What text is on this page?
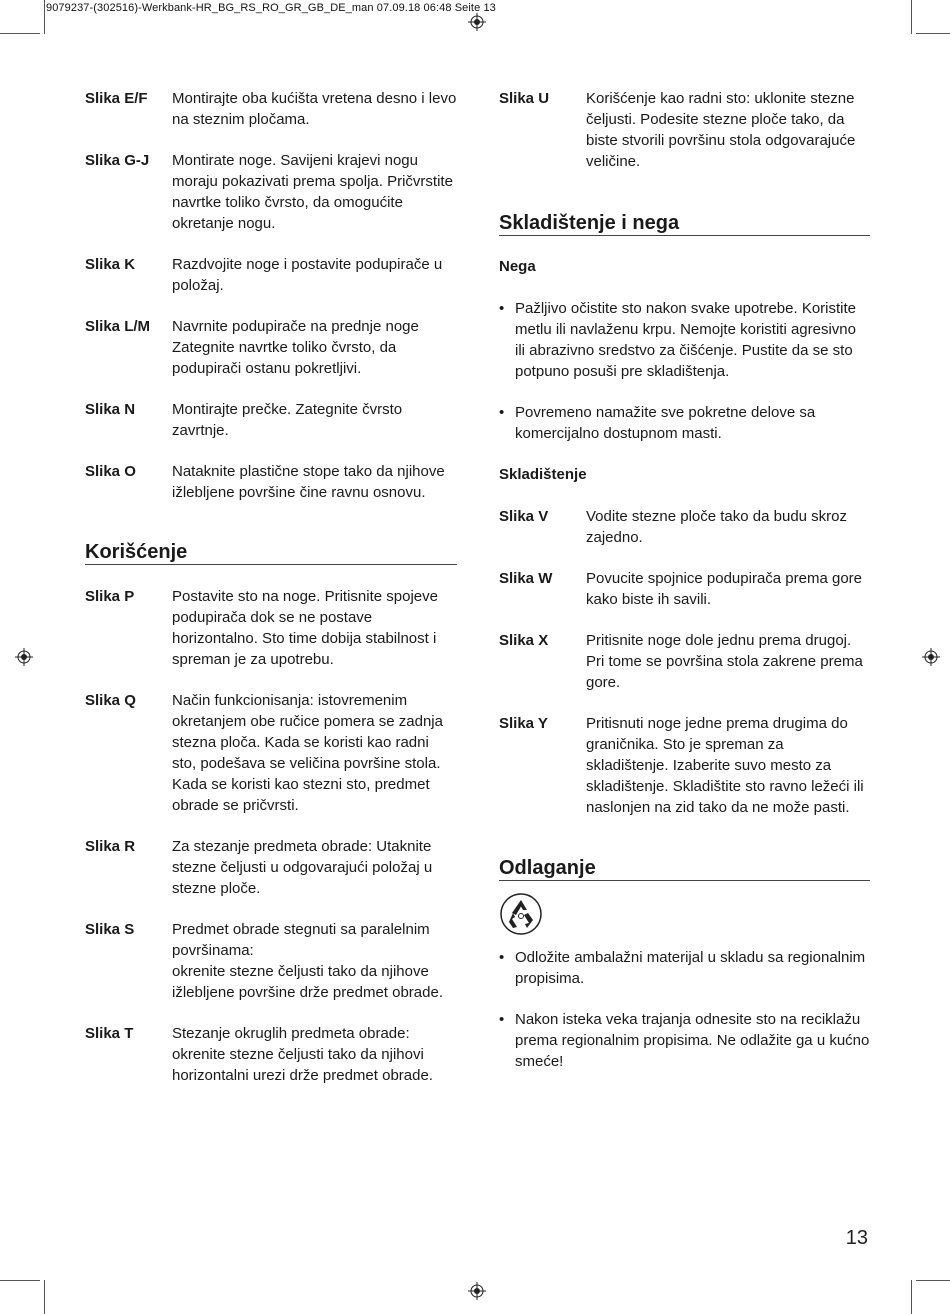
9079237-(302516)-Werkbank-HR_BG_RS_RO_GR_GB_DE_man 07.09.18 06:48 Seite 13
Slika E/F	Montirajte oba kućišta vretena desno i levo na steznim pločama.
Slika G-J	Montirate noge. Savijeni krajevi nogu moraju pokazivati prema spolja. Pričvrstite navrtke toliko čvrsto, da omogućite okretanje nogu.
Slika K	Razdvojite noge i postavite podupirače u položaj.
Slika L/M	Navrnite podupirače na prednje noge Zategnite navrtke toliko čvrsto, da podupirači ostanu pokretljivi.
Slika N	Montirajte prečke. Zategnite čvrsto zavrtnje.
Slika O	Nataknite plastične stope tako da njihove ižlebljene površine čine ravnu osnovu.
Korišćenje
Slika P	Postavite sto na noge. Pritisnite spojeve podupirača dok se ne postave horizontalno. Sto time dobija stabilnost i spreman je za upotrebu.
Slika Q	Način funkcionisanja: istovremenim okretanjem obe ručice pomera se zadnja stezna ploča. Kada se koristi kao radni sto, podešava se veličina površine stola. Kada se koristi kao stezni sto, predmet obrade se pričvrsti.
Slika R	Za stezanje predmeta obrade: Utaknite stezne čeljusti u odgovarajući položaj u stezne ploče.
Slika S	Predmet obrade stegnuti sa paralelnim površinama:
okrenite stezne čeljusti tako da njihove ižlebljene površine drže predmet obrade.
Slika T	Stezanje okruglih predmeta obrade: okrenite stezne čeljusti tako da njihovi horizontalni urezi drže predmet obrade.
Slika U	Korišćenje kao radni sto: uklonite stezne čeljusti. Podesite stezne ploče tako, da biste stvorili površinu stola odgovarajuće veličine.
Skladištenje i nega
Nega
• Pažljivo očistite sto nakon svake upotrebe. Koristite metlu ili navlaženu krpu. Nemojte koristiti agresivno ili abrazivno sredstvo za čišćenje. Pustite da se sto potpuno posuši pre skladištenja.
• Povremeno namažite sve pokretne delove sa komercijalno dostupnom masti.
Skladištenje
Slika V	Vodite stezne ploče tako da budu skroz zajedno.
Slika W	Povucite spojnice podupirača prema gore kako biste ih savili.
Slika X	Pritisnite noge dole jednu prema drugoj. Pri tome se površina stola zakrene prema gore.
Slika Y	Pritisnuti noge jedne prema drugima do graničnika. Sto je spreman za skladištenje. Izaberite suvo mesto za skladištenje. Skladištite sto ravno ležeći ili naslonjen na zid tako da ne može pasti.
Odlaganje
• Odložite ambalažni materijal u skladu sa regionalnim propisima.
• Nakon isteka veka trajanja odnesite sto na reciklažu prema regionalnim propisima. Ne odlažite ga u kućno smeće!
13
